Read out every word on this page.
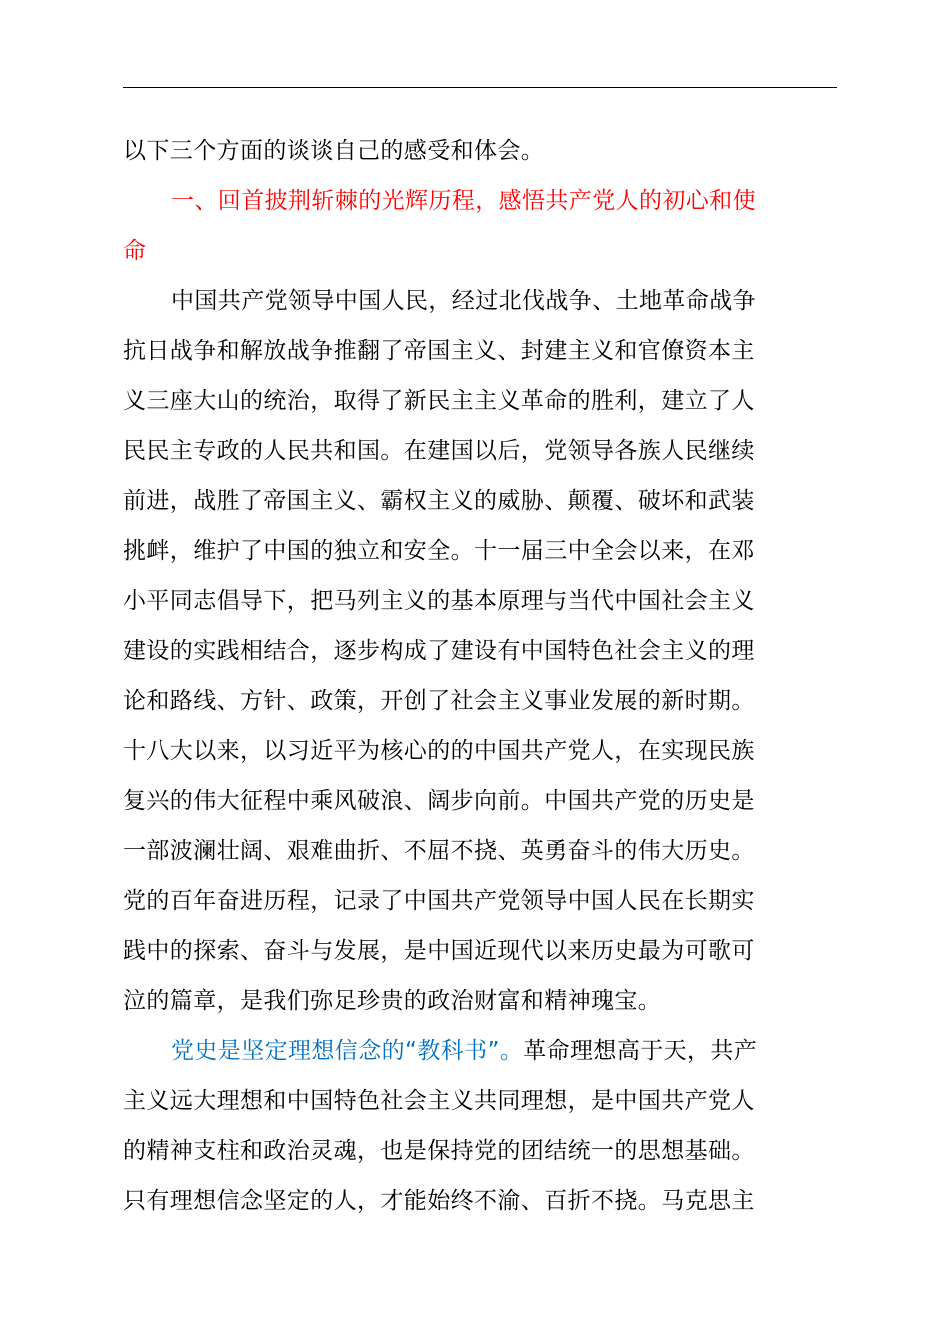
以下三个方面的谈谈自己的感受和体会。
一、回首披荆斩棘的光辉历程，感悟共产党人的初心和使
命
中国共产党领导中国人民，经过北伐战争、土地革命战争
抗日战争和解放战争推翻了帝国主义、封建主义和官僚资本主
义三座大山的统治，取得了新民主主义革命的胜利，建立了人
民民主专政的人民共和国。在建国以后，党领导各族人民继续
前进，战胜了帝国主义、霸权主义的威胁、颠覆、破坏和武装
挑衅，维护了中国的独立和安全。十一届三中全会以来，在邓
小平同志倡导下，把马列主义的基本原理与当代中国社会主义
建设的实践相结合，逐步构成了建设有中国特色社会主义的理
论和路线、方针、政策，开创了社会主义事业发展的新时期。
十八大以来，以习近平为核心的的中国共产党人，在实现民族
复兴的伟大征程中乘风破浪、阔步向前。中国共产党的历史是
一部波澜壮阔、艰难曲折、不屈不挠、英勇奋斗的伟大历史。
党的百年奋进历程，记录了中国共产党领导中国人民在长期实
践中的探索、奋斗与发展，是中国近现代以来历史最为可歌可
泣的篇章，是我们弥足珍贵的政治财富和精神瑰宝。
党史是坚定理想信念的“教科书”。革命理想高于天，共产
主义远大理想和中国特色社会主义共同理想，是中国共产党人
的精神支柱和政治灵魂，也是保持党的团结统一的思想基础。
只有理想信念坚定的人，才能始终不渝、百折不挠。马克思主
